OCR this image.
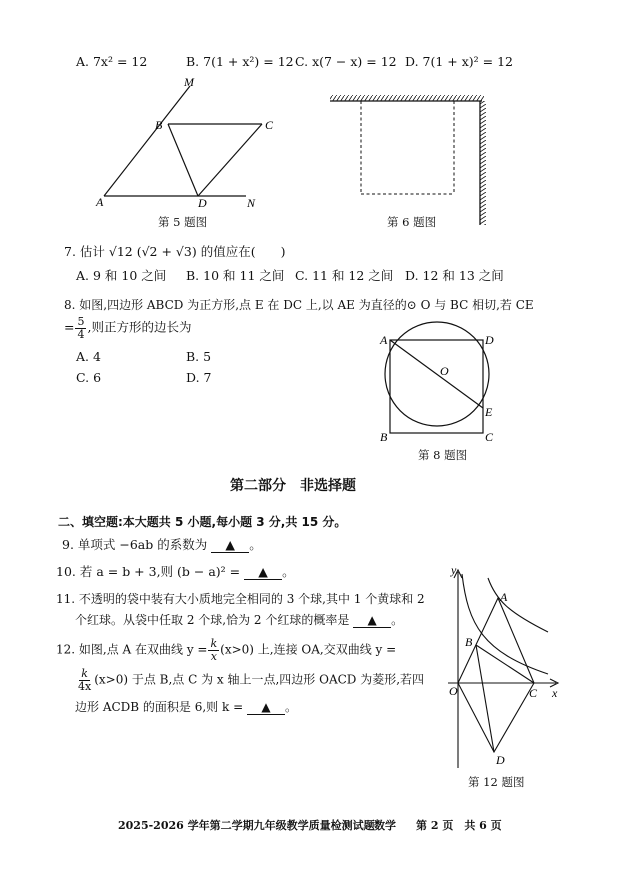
A. 7x² = 12	B. 7(1 + x²) = 12 C. x(7 − x) = 12 D. 7(1 + x)² = 12
M
B	C
A	D	N
第 5 题图	第 6 题图
7. 估计 √12 (√2 + √3) 的值应在(　　)
A. 9 和 10 之间 B. 10 和 11 之间 C. 11 和 12 之间 D. 12 和 13 之间
8. 如图,四边形 ABCD 为正方形,点 E 在 DC 上,以 AE 为直径的⊙ O 与 BC 相切,若 CE
= $\frac{5}{4}$ ,则正方形的边长为
A. 4	B. 5
C. 6	D. 7
A	D
O
E
B	C
第 8 题图
第二部分　非选择题
二、填空题:本大题共 5 小题,每小题 3 分,共 15 分。
9. 单项式 −6ab 的系数为 ▲ 。
10. 若 a = b + 3,则 (b − a)² = ▲ 。
11. 不透明的袋中装有大小质地完全相同的 3 个球,其中 1 个黄球和 2
个红球。从袋中任取 2 个球,恰为 2 个红球的概率是 ▲ 。
12. 如图,点 A 在双曲线 $y = \frac{k}{x} (x>0)$ 上,连接 OA,交双曲线 y =
$\frac{k}{4x} (x>0)$ 于点 B,点 C 为 x 轴上一点,四边形 OACD 为菱形,若四
边形 ACDB 的面积是 6,则 k = ▲ 。
y
x
A
B
O	C
D
第 12 题图
2025-2026 学年第二学期九年级教学质量检测试题 数学 第 2 页　共 6 页
